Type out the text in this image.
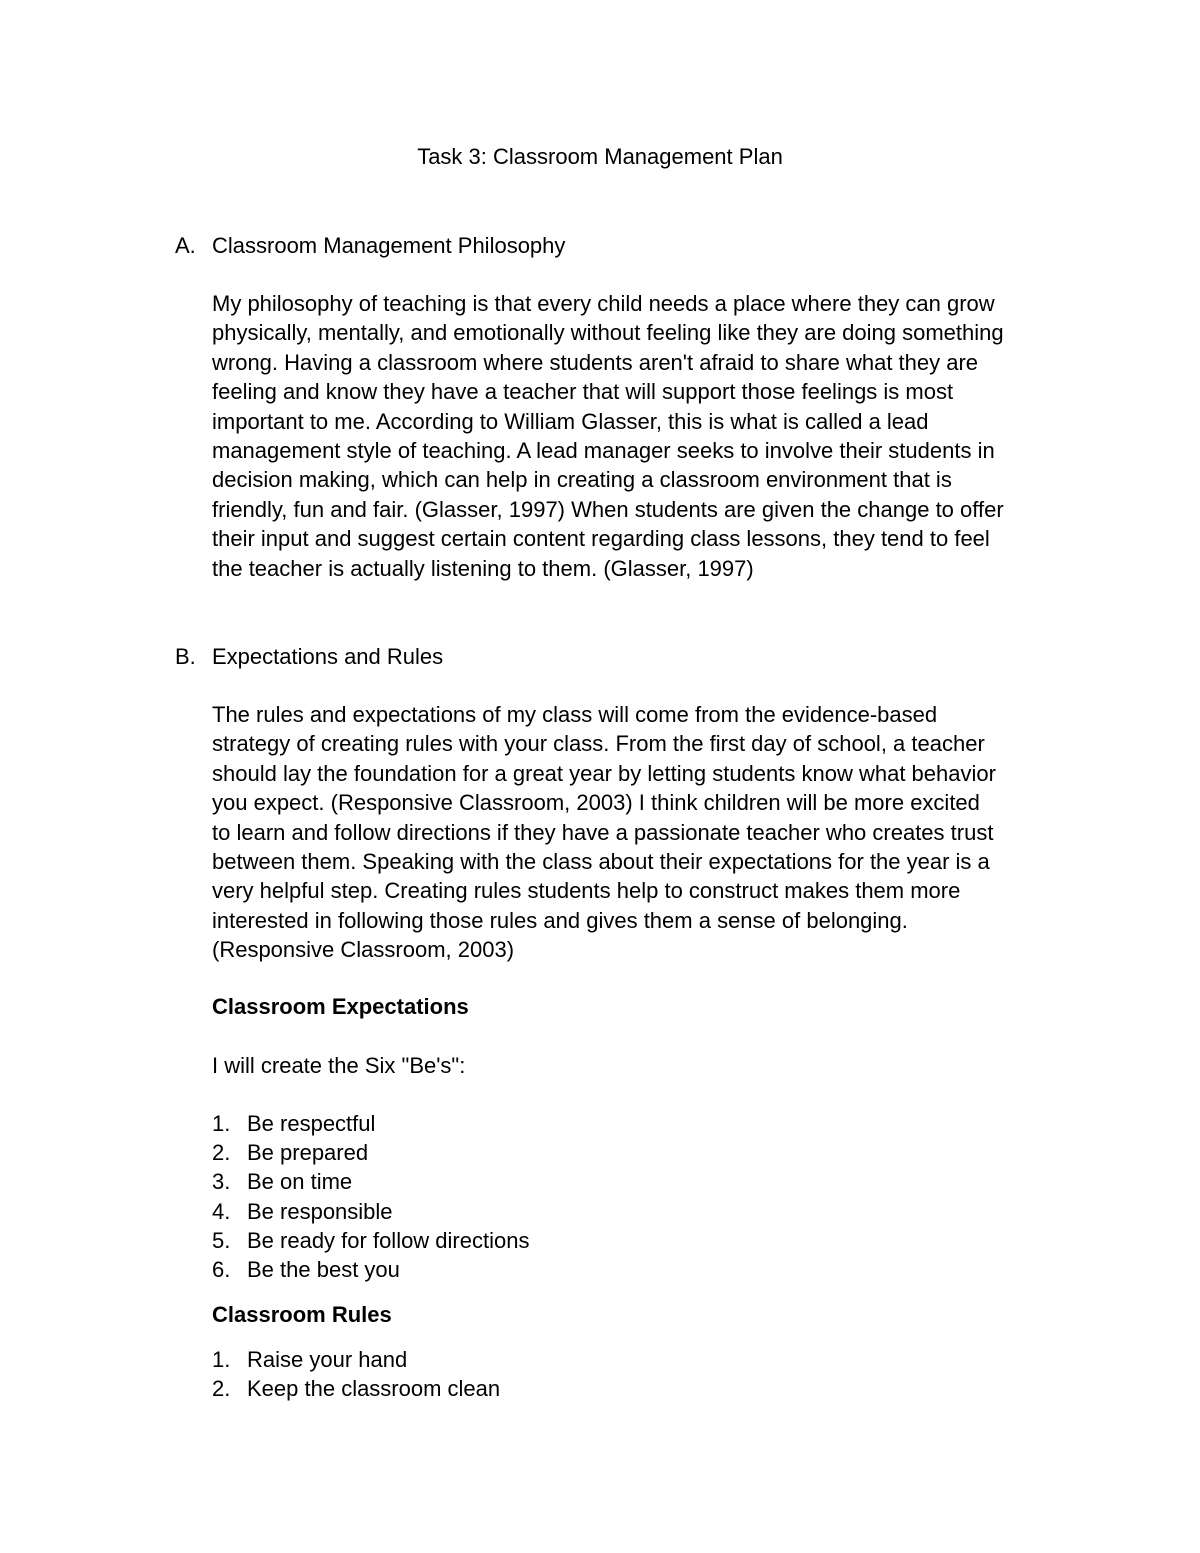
Task 3: Classroom Management Plan
A. Classroom Management Philosophy
My philosophy of teaching is that every child needs a place where they can grow
physically, mentally, and emotionally without feeling like they are doing something
wrong. Having a classroom where students aren't afraid to share what they are
feeling and know they have a teacher that will support those feelings is most
important to me. According to William Glasser, this is what is called a lead
management style of teaching. A lead manager seeks to involve their students in
decision making, which can help in creating a classroom environment that is
friendly, fun and fair. (Glasser, 1997) When students are given the change to offer
their input and suggest certain content regarding class lessons, they tend to feel
the teacher is actually listening to them. (Glasser, 1997)
B. Expectations and Rules
The rules and expectations of my class will come from the evidence-based
strategy of creating rules with your class. From the first day of school, a teacher
should lay the foundation for a great year by letting students know what behavior
you expect. (Responsive Classroom, 2003) I think children will be more excited
to learn and follow directions if they have a passionate teacher who creates trust
between them. Speaking with the class about their expectations for the year is a
very helpful step. Creating rules students help to construct makes them more
interested in following those rules and gives them a sense of belonging.
(Responsive Classroom, 2003)
Classroom Expectations
I will create the Six "Be's":
1. Be respectful
2. Be prepared
3. Be on time
4. Be responsible
5. Be ready for follow directions
6. Be the best you
Classroom Rules
1. Raise your hand
2. Keep the classroom clean
